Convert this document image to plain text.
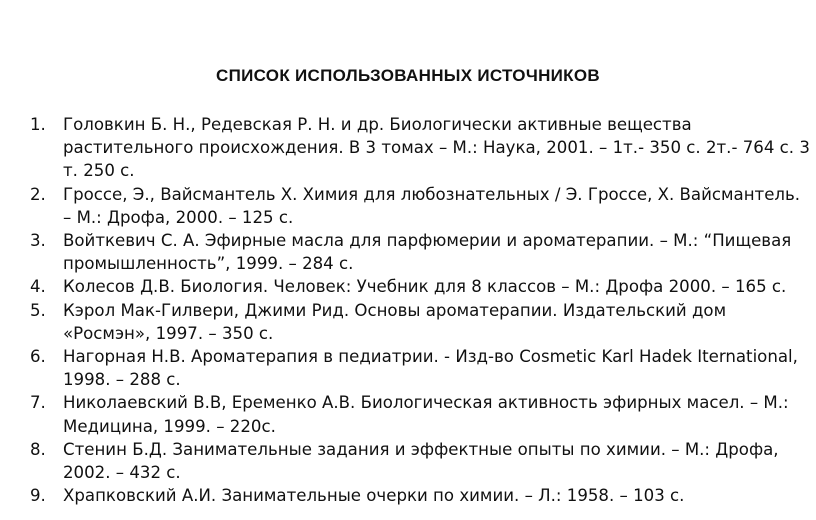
СПИСОК ИСПОЛЬЗОВАННЫХ ИСТОЧНИКОВ
1. Головкин Б. Н., Редевская Р. Н. и др. Биологически активные вещества растительного происхождения. В 3 томах – М.: Наука, 2001. – 1т.- 350 с. 2т.- 764 с. 3 т. 250 с.
2. Гроссе, Э., Вайсмантель Х. Химия для любознательных / Э. Гроссе, Х. Вайсмантель. – М.: Дрофа, 2000. – 125 с.
3. Войткевич С. А. Эфирные масла для парфюмерии и ароматерапии. – М.: “Пищевая промышленность”, 1999. – 284 с.
4. Колесов Д.В. Биология. Человек: Учебник для 8 классов – М.: Дрофа 2000. – 165 с.
5. Кэрол Мак-Гилвери, Джими Рид. Основы ароматерапии. Издательский дом «Росмэн», 1997. – 350 с.
6. Нагорная Н.В. Ароматерапия в педиатрии. - Изд-во Cosmetic Karl Hadek Iternational, 1998. – 288 с.
7. Николаевский В.В, Еременко А.В. Биологическая активность эфирных масел. – М.: Медицина, 1999. – 220с.
8. Стенин Б.Д. Занимательные задания и эффектные опыты по химии. – М.: Дрофа, 2002. – 432 с.
9. Храпковский А.И. Занимательные очерки по химии. – Л.: 1958. – 103 с.
